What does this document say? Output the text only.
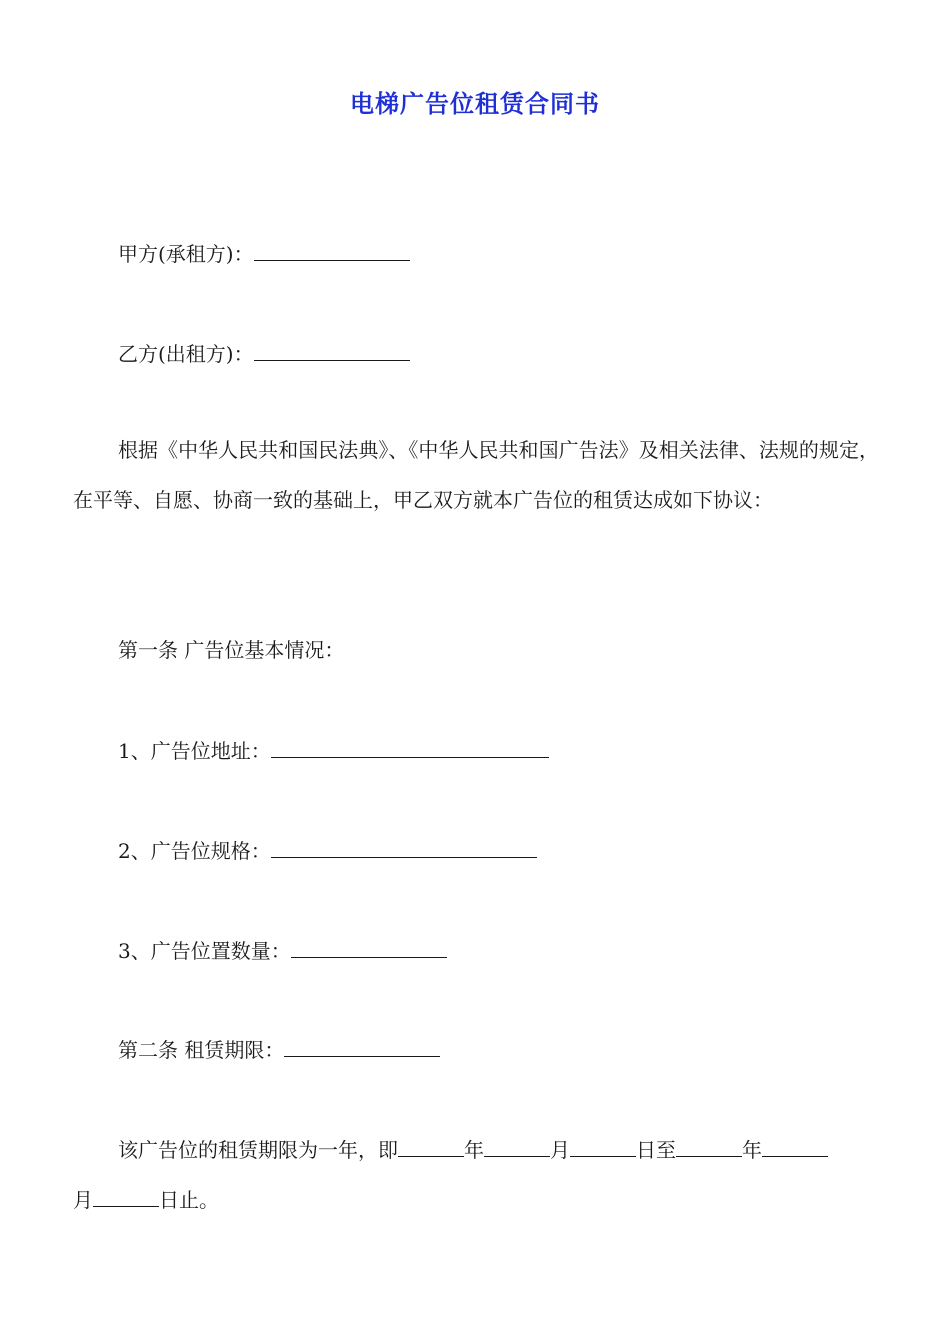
电梯广告位租赁合同书
甲方(承租方)：
乙方(出租方)：
根据《中华人民共和国民法典》、《中华人民共和国广告法》及相关法律、法规的规定，在平等、自愿、协商一致的基础上，甲乙双方就本广告位的租赁达成如下协议：
第一条 广告位基本情况：
1、广告位地址：
2、广告位规格：
3、广告位置数量：
第二条 租赁期限：
该广告位的租赁期限为一年，即	年	月	日至	年
月	日止。
